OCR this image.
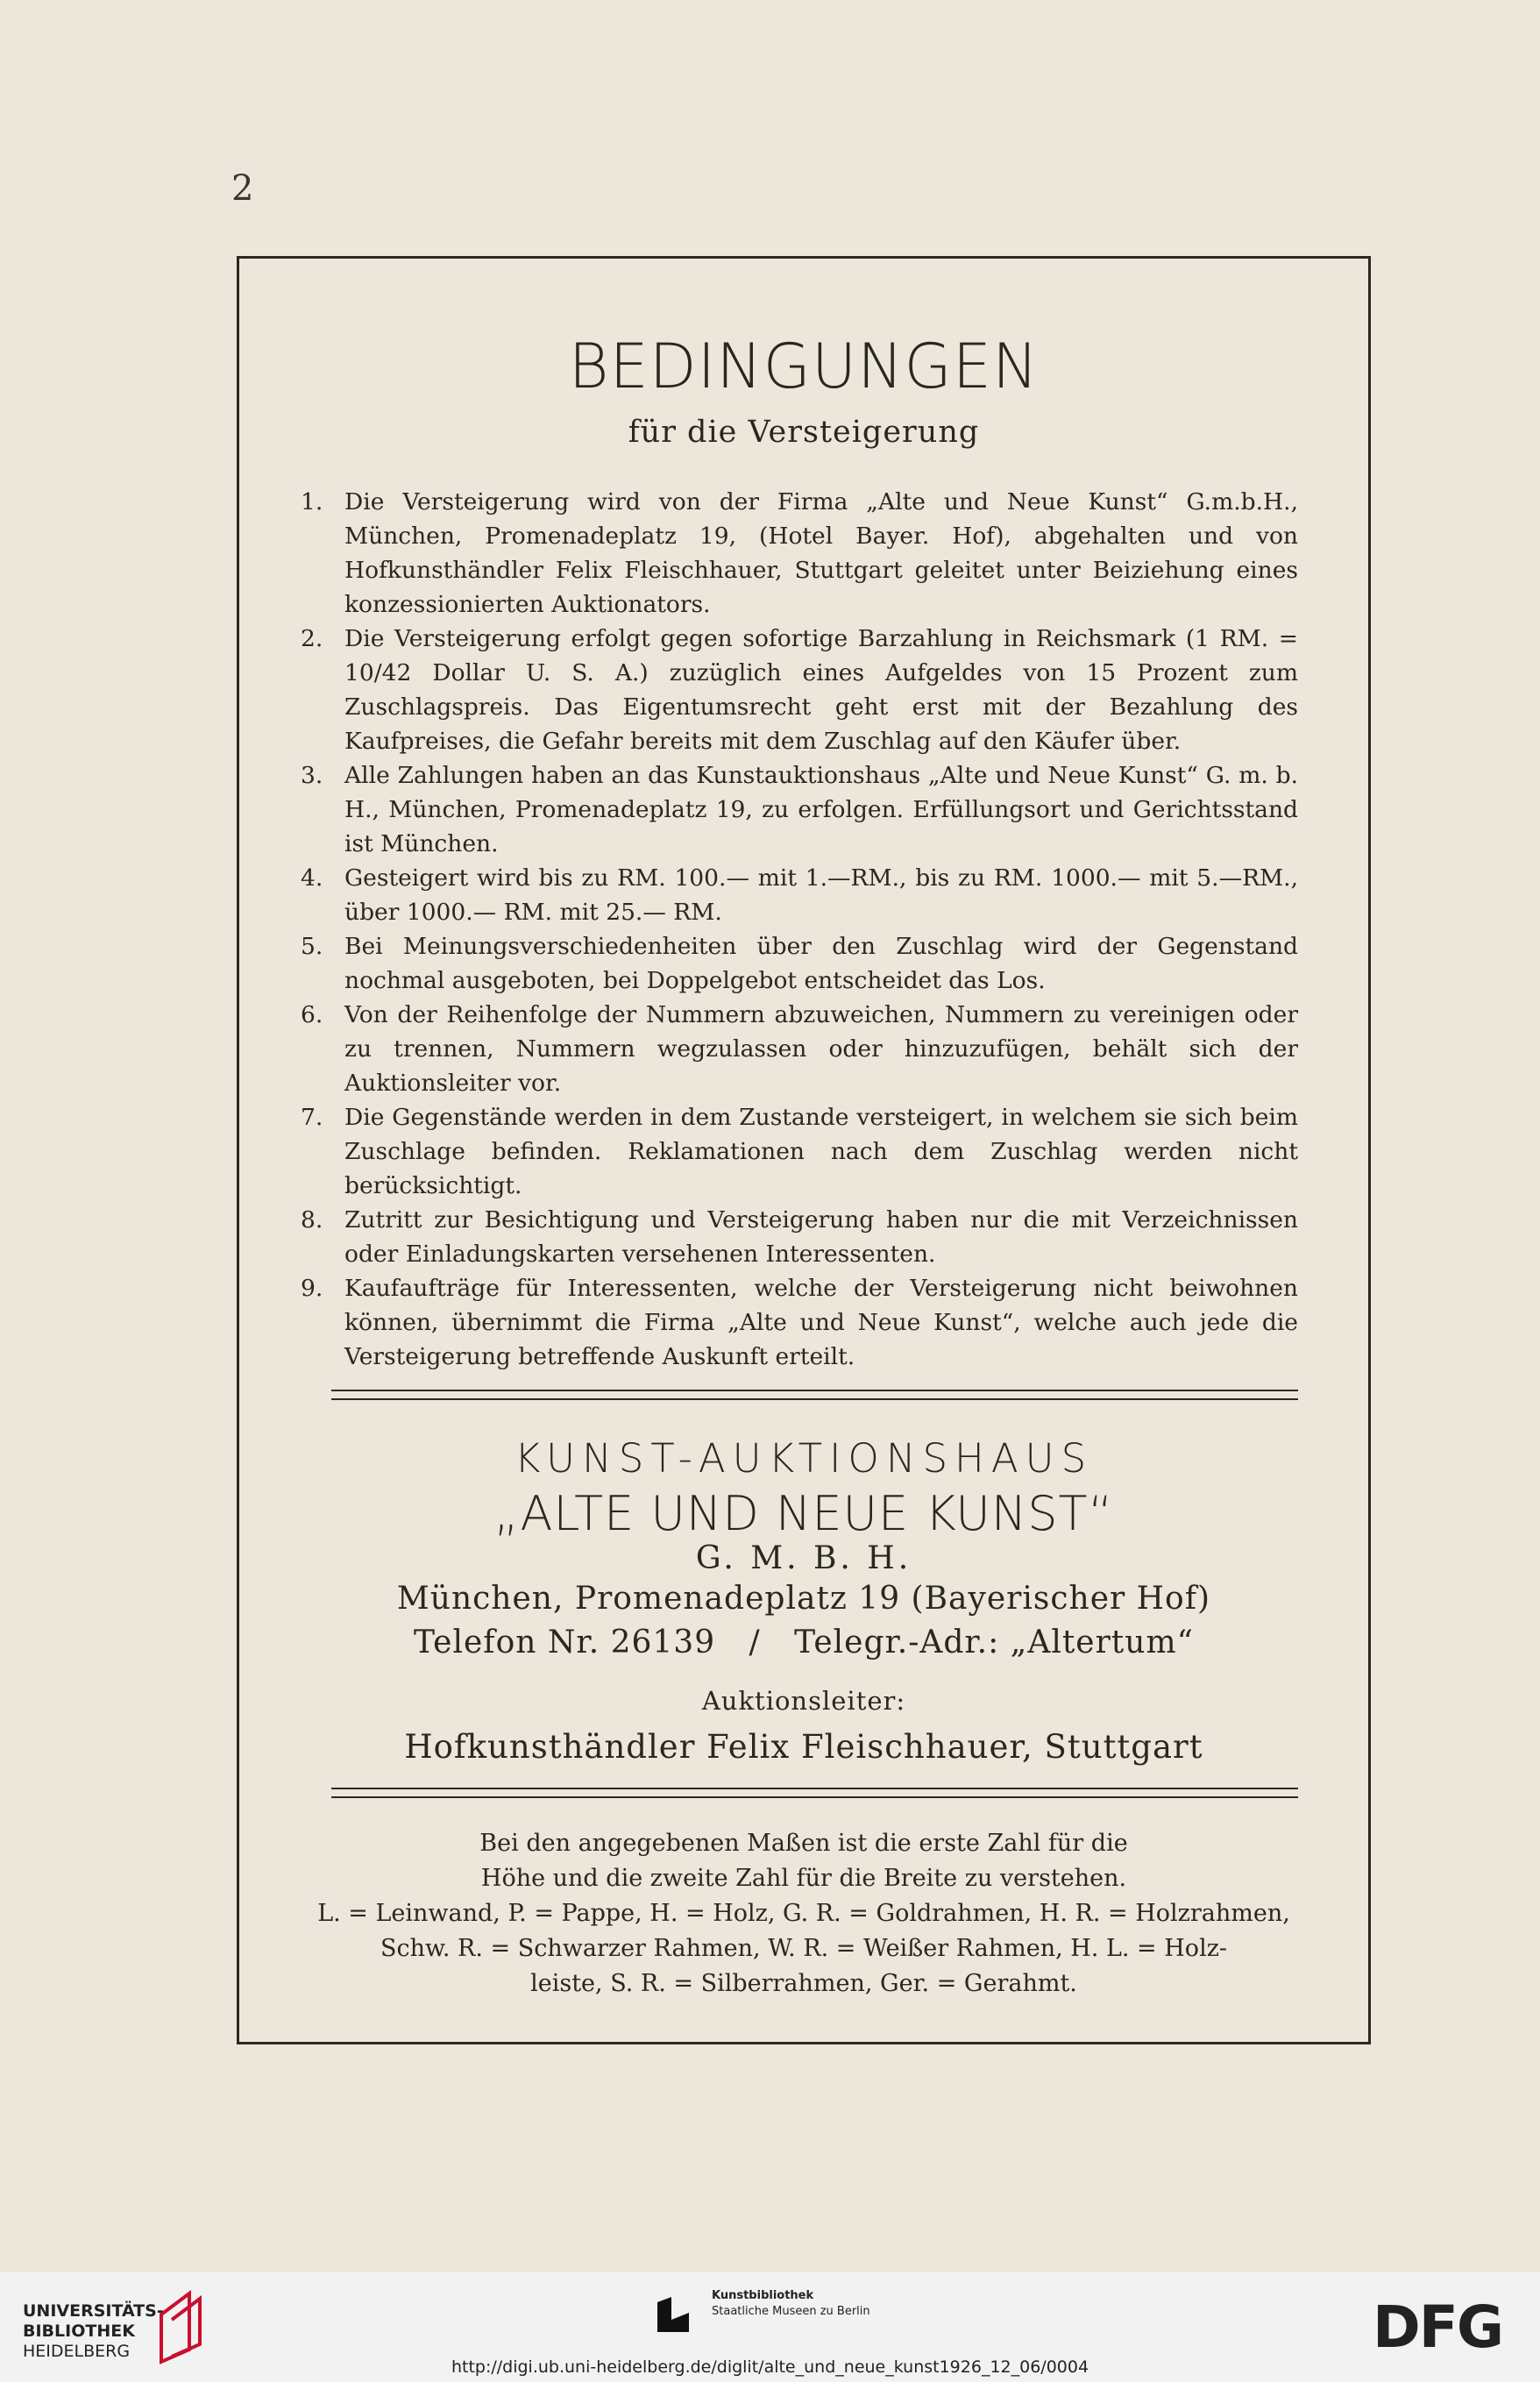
2
BEDINGUNGEN
für die Versteigerung
1. Die Versteigerung wird von der Firma „Alte und Neue Kunst“ G.m.b.H., München, Promenadeplatz 19, (Hotel Bayer. Hof), abgehalten und von Hofkunsthändler Felix Fleischhauer, Stuttgart geleitet unter Beiziehung eines konzessionierten Auktionators.
2. Die Versteigerung erfolgt gegen sofortige Barzahlung in Reichsmark (1 RM. = 10/42 Dollar U. S. A.) zuzüglich eines Aufgeldes von 15 Prozent zum Zuschlagspreis. Das Eigentumsrecht geht erst mit der Bezahlung des Kaufpreises, die Gefahr bereits mit dem Zuschlag auf den Käufer über.
3. Alle Zahlungen haben an das Kunstauktionshaus „Alte und Neue Kunst“ G. m. b. H., München, Promenadeplatz 19, zu erfolgen. Erfüllungsort und Gerichtsstand ist München.
4. Gesteigert wird bis zu RM. 100.— mit 1.—RM., bis zu RM. 1000.— mit 5.—RM., über 1000.— RM. mit 25.— RM.
5. Bei Meinungsverschiedenheiten über den Zuschlag wird der Gegenstand nochmal ausgeboten, bei Doppelgebot entscheidet das Los.
6. Von der Reihenfolge der Nummern abzuweichen, Nummern zu vereinigen oder zu trennen, Nummern wegzulassen oder hinzuzufügen, behält sich der Auktionsleiter vor.
7. Die Gegenstände werden in dem Zustande versteigert, in welchem sie sich beim Zuschlage befinden. Reklamationen nach dem Zuschlag werden nicht berücksichtigt.
8. Zutritt zur Besichtigung und Versteigerung haben nur die mit Verzeichnissen oder Einladungskarten versehenen Interessenten.
9. Kaufaufträge für Interessenten, welche der Versteigerung nicht beiwohnen können, übernimmt die Firma „Alte und Neue Kunst“, welche auch jede die Versteigerung betreffende Auskunft erteilt.
KUNST-AUKTIONSHAUS
„ALTE UND NEUE KUNST“
G. M. B. H.
München, Promenadeplatz 19 (Bayerischer Hof)
Telefon Nr. 26139 / Telegr.-Adr.: „Altertum“
Auktionsleiter:
Hofkunsthändler Felix Fleischhauer, Stuttgart
Bei den angegebenen Maßen ist die erste Zahl für die
Höhe und die zweite Zahl für die Breite zu verstehen.
L. = Leinwand, P. = Pappe, H. = Holz, G. R. = Goldrahmen, H. R. = Holzrahmen,
Schw. R. = Schwarzer Rahmen, W. R. = Weißer Rahmen, H. L. = Holz-
leiste, S. R. = Silberrahmen, Ger. = Gerahmt.
UNIVERSITÄTS-
BIBLIOTHEK
HEIDELBERG
Kunstbibliothek
Staatliche Museen zu Berlin	DFG
http://digi.ub.uni-heidelberg.de/diglit/alte_und_neue_kunst1926_12_06/0004
